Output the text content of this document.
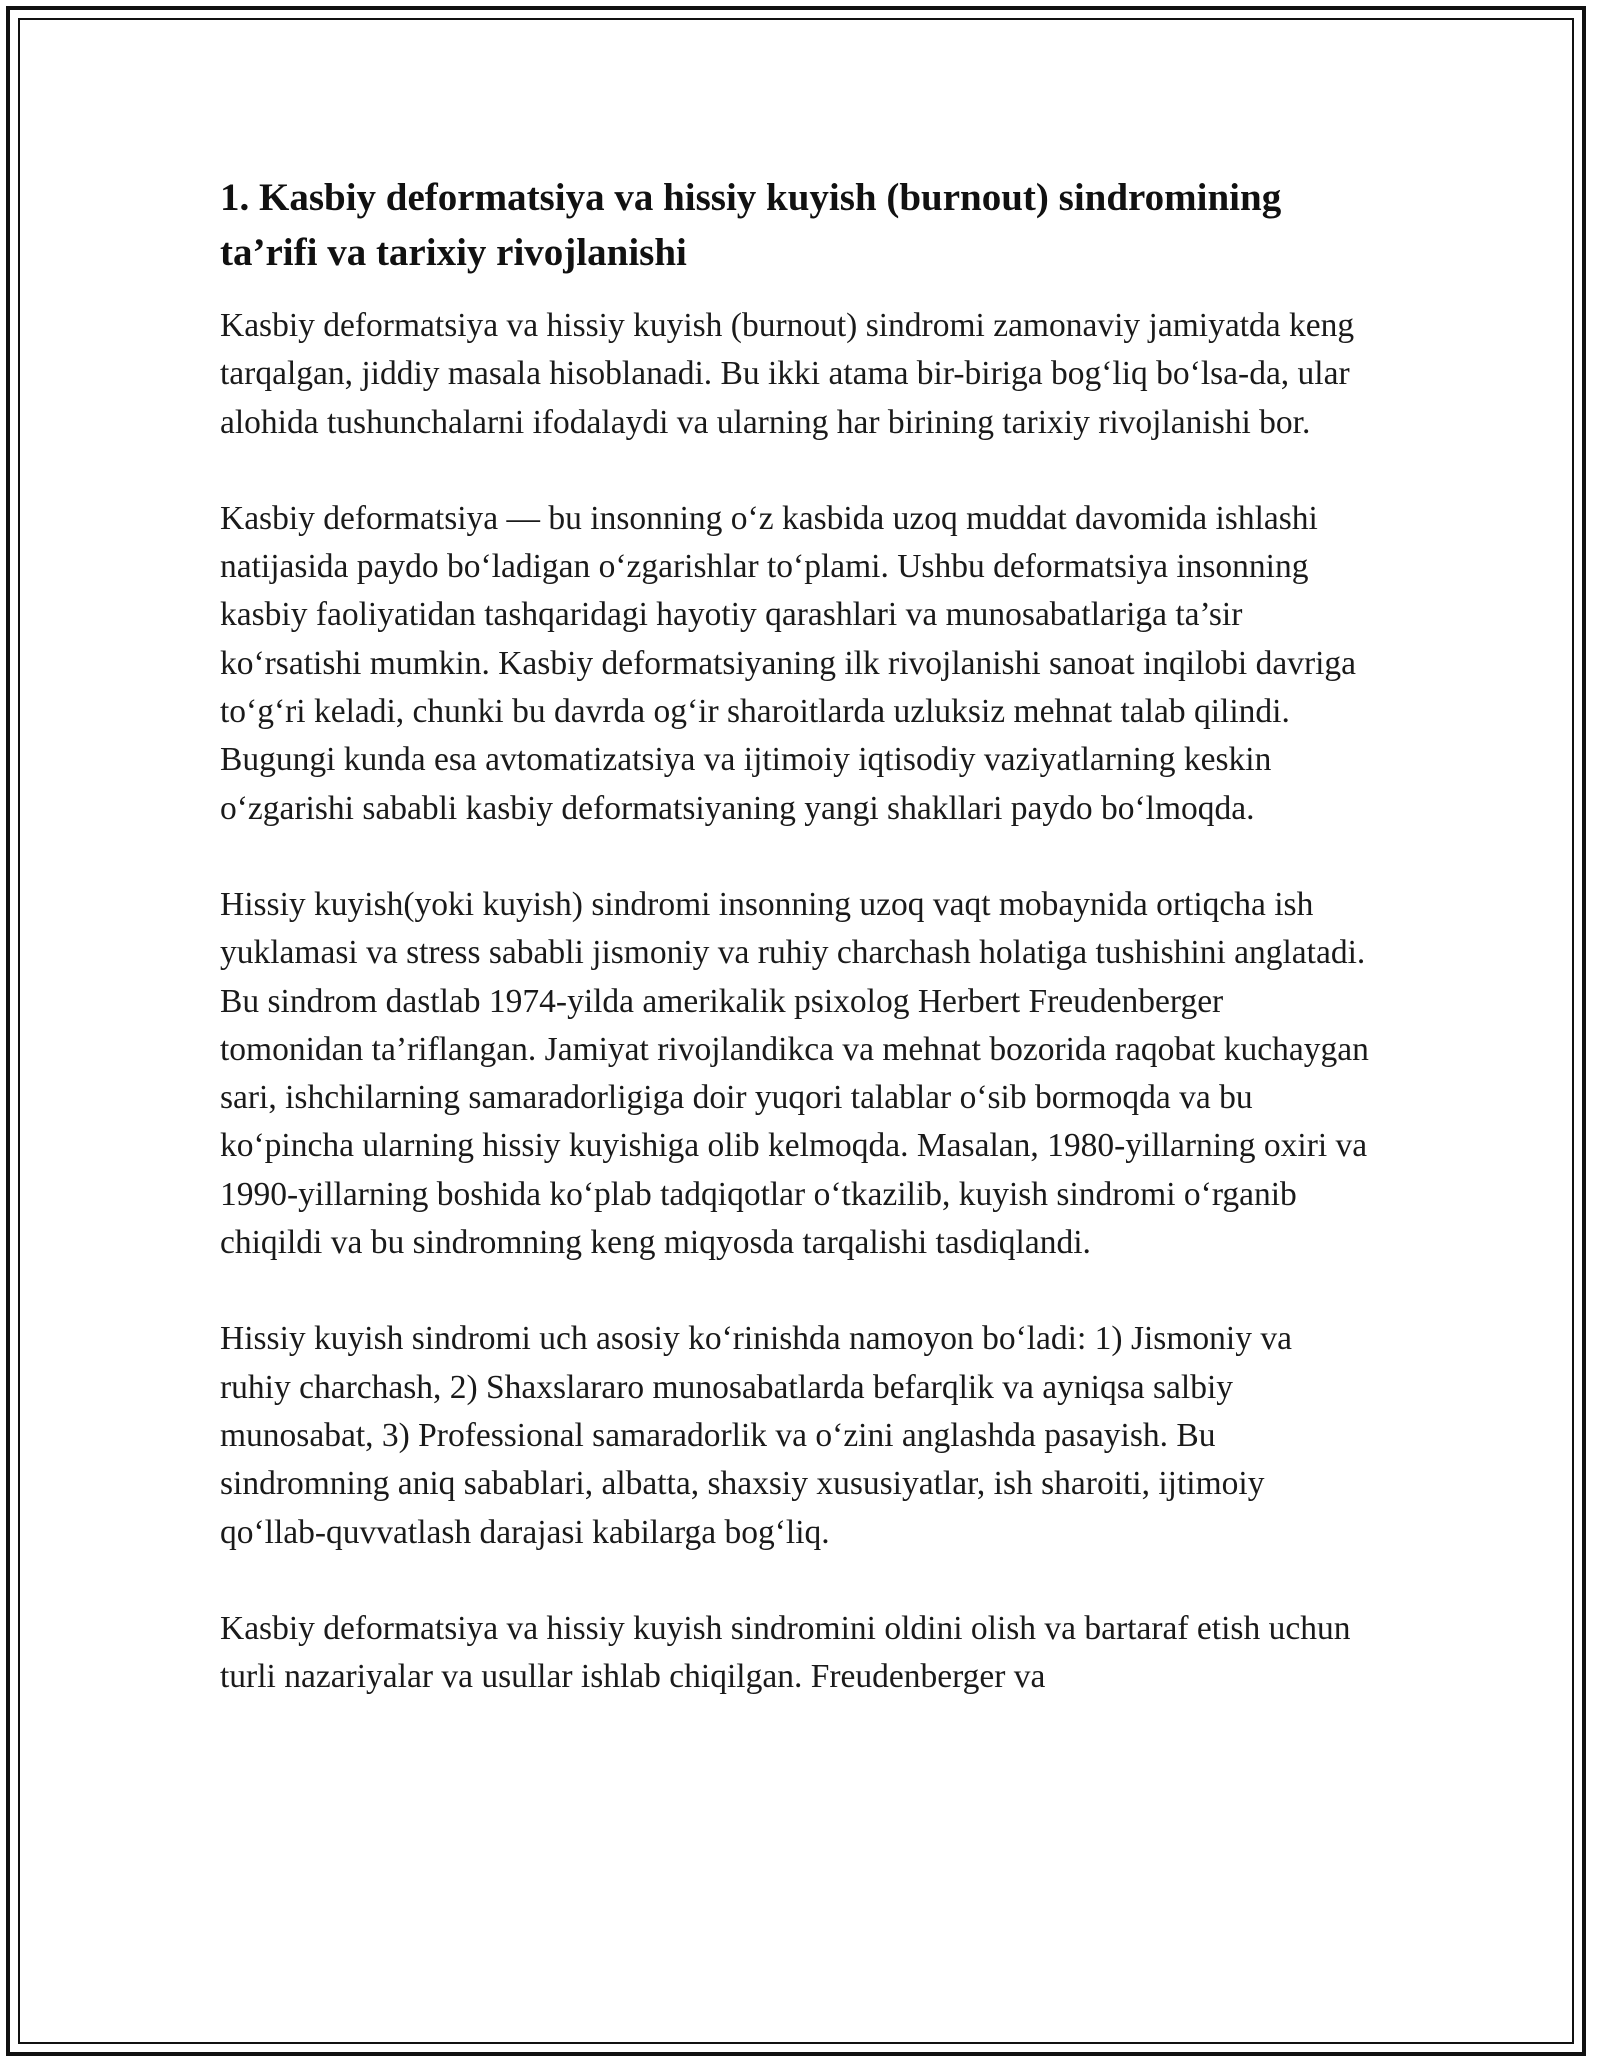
1. Kasbiy deformatsiya va hissiy kuyish (burnout) sindromining ta’rifi va tarixiy rivojlanishi

Kasbiy deformatsiya va hissiy kuyish (burnout) sindromi zamonaviy jamiyatda keng tarqalgan, jiddiy masala hisoblanadi. Bu ikki atama bir-biriga bog‘liq bo‘lsa-da, ular alohida tushunchalarni ifodalaydi va ularning har birining tarixiy rivojlanishi bor.

Kasbiy deformatsiya — bu insonning o‘z kasbida uzoq muddat davomida ishlashi natijasida paydo bo‘ladigan o‘zgarishlar to‘plami. Ushbu deformatsiya insonning kasbiy faoliyatidan tashqaridagi hayotiy qarashlari va munosabatlariga ta’sir ko‘rsatishi mumkin. Kasbiy deformatsiyaning ilk rivojlanishi sanoat inqilobi davriga to‘g‘ri keladi, chunki bu davrda og‘ir sharoitlarda uzluksiz mehnat talab qilindi. Bugungi kunda esa avtomatizatsiya va ijtimoiy iqtisodiy vaziyatlarning keskin o‘zgarishi sababli kasbiy deformatsiyaning yangi shakllari paydo bo‘lmoqda.

Hissiy kuyish(yoki kuyish) sindromi insonning uzoq vaqt mobaynida ortiqcha ish yuklamasi va stress sababli jismoniy va ruhiy charchash holatiga tushishini anglatadi. Bu sindrom dastlab 1974-yilda amerikalik psixolog Herbert Freudenberger tomonidan ta’riflangan. Jamiyat rivojlandikca va mehnat bozorida raqobat kuchaygan sari, ishchilarning samaradorligiga doir yuqori talablar o‘sib bormoqda va bu ko‘pincha ularning hissiy kuyishiga olib kelmoqda. Masalan, 1980-yillarning oxiri va 1990-yillarning boshida ko‘plab tadqiqotlar o‘tkazilib, kuyish sindromi o‘rganib chiqildi va bu sindromning keng miqyosda tarqalishi tasdiqlandi.

Hissiy kuyish sindromi uch asosiy ko‘rinishda namoyon bo‘ladi: 1) Jismoniy va ruhiy charchash, 2) Shaxslararo munosabatlarda befarqlik va ayniqsa salbiy munosabat, 3) Professional samaradorlik va o‘zini anglashda pasayish. Bu sindromning aniq sabablari, albatta, shaxsiy xususiyatlar, ish sharoiti, ijtimoiy qo‘llab-quvvatlash darajasi kabilarga bog‘liq.

Kasbiy deformatsiya va hissiy kuyish sindromini oldini olish va bartaraf etish uchun turli nazariyalar va usullar ishlab chiqilgan. Freudenberger va
